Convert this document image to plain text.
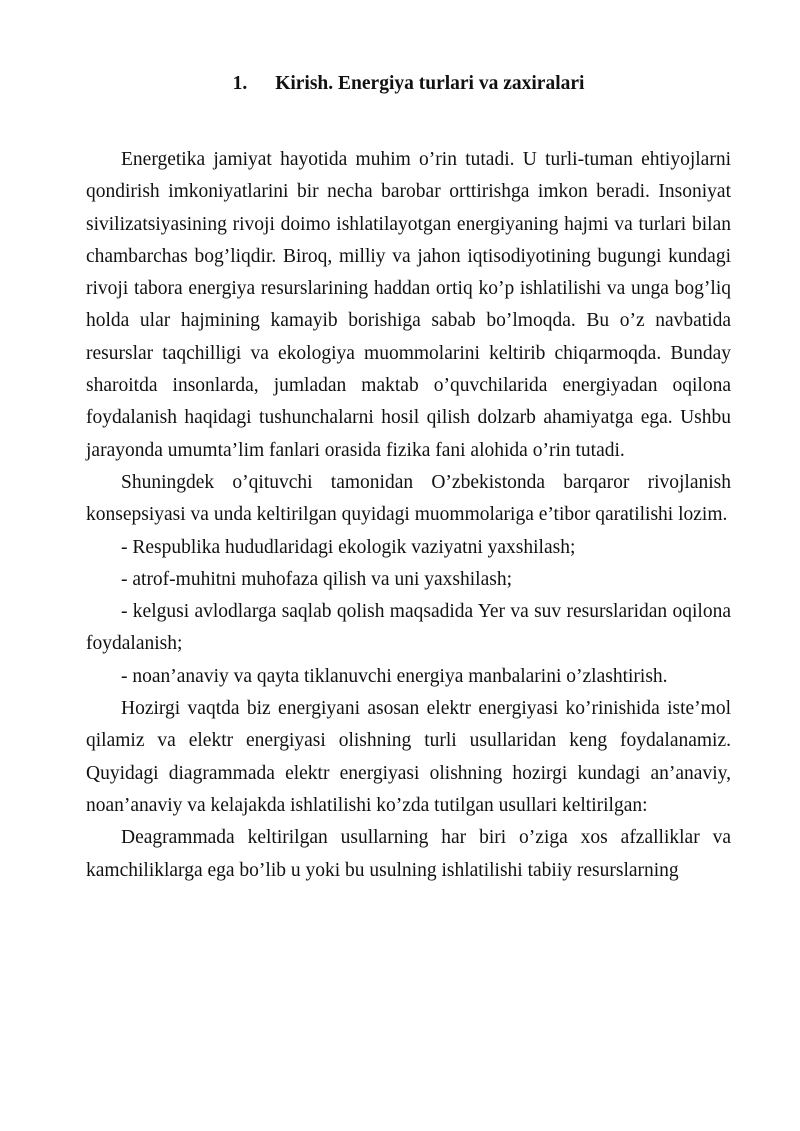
1. Kirish. Energiya turlari va zaxiralari

Energetika jamiyat hayotida muhim o’rin tutadi. U turli-tuman ehtiyojlarni qondirish imkoniyatlarini bir necha barobar orttirishga imkon beradi. Insoniyat sivilizatsiyasining rivoji doimo ishlatilayotgan energiyaning hajmi va turlari bilan chambarchas bog’liqdir. Biroq, milliy va jahon iqtisodiyotining bugungi kundagi rivoji tabora energiya resurslarining haddan ortiq ko’p ishlatilishi va unga bog’liq holda ular hajmining kamayib borishiga sabab bo’lmoqda. Bu o’z navbatida resurslar taqchilligi va ekologiya muommolarini keltirib chiqarmoqda. Bunday sharoitda insonlarda, jumladan maktab o’quvchilarida energiyadan oqilona foydalanish haqidagi tushunchalarni hosil qilish dolzarb ahamiyatga ega. Ushbu jarayonda umumta’lim fanlari orasida fizika fani alohida o’rin tutadi.

Shuningdek o’qituvchi tamonidan O’zbekistonda barqaror rivojlanish konsepsiyasi va unda keltirilgan quyidagi muommolariga e’tibor qaratilishi lozim.

- Respublika hududlaridagi ekologik vaziyatni yaxshilash;

- atrof-muhitni muhofaza qilish va uni yaxshilash;

- kelgusi avlodlarga saqlab qolish maqsadida Yer va suv resurslaridan oqilona foydalanish;

- noan’anaviy va qayta tiklanuvchi energiya manbalarini o’zlashtirish.

Hozirgi vaqtda biz energiyani asosan elektr energiyasi ko’rinishida iste’mol qilamiz va elektr energiyasi olishning turli usullaridan keng foydalanamiz. Quyidagi diagrammada elektr energiyasi olishning hozirgi kundagi an’anaviy, noan’anaviy va kelajakda ishlatilishi ko’zda tutilgan usullari keltirilgan:

Deagrammada keltirilgan usullarning har biri o’ziga xos afzalliklar va kamchiliklarga ega bo’lib u yoki bu usulning ishlatilishi tabiiy resurslarning
